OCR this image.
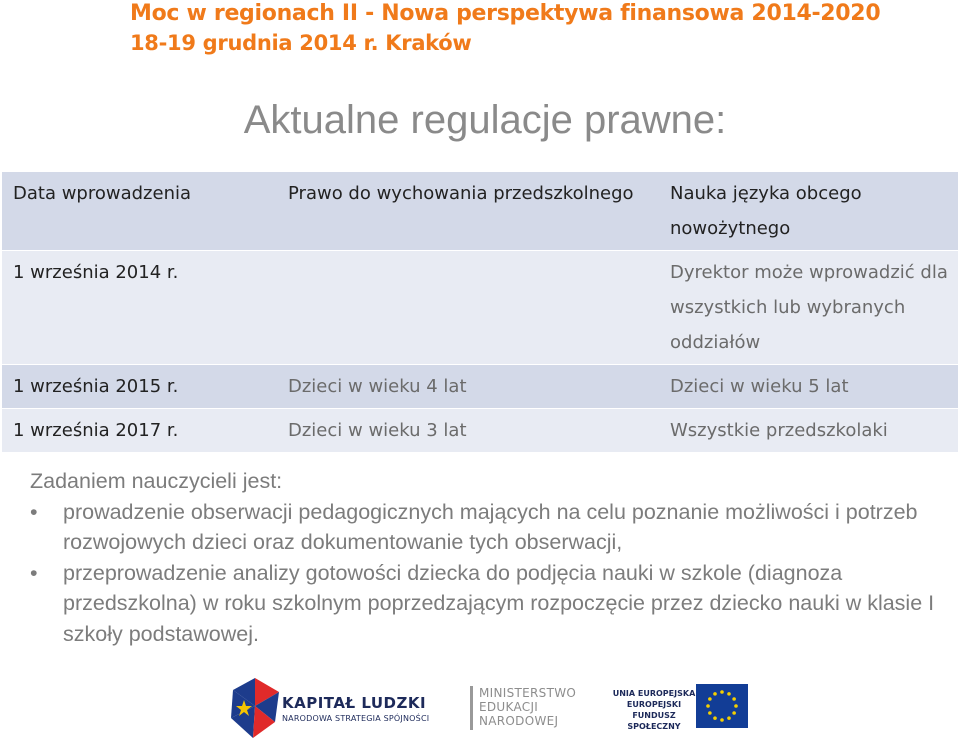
Moc w regionach II - Nowa perspektywa finansowa 2014-2020
18-19 grudnia 2014 r. Kraków
Aktualne regulacje prawne:
Data wprowadzenia	Prawo do wychowania przedszkolnego	Nauka języka obcego nowożytnego
1 września 2014 r.		Dyrektor może wprowadzić dla wszystkich lub wybranych oddziałów
1 września 2015 r.	Dzieci w wieku 4 lat	Dzieci w wieku 5 lat
1 września 2017 r.	Dzieci w wieku 3 lat	Wszystkie przedszkolaki
Zadaniem nauczycieli jest:
• prowadzenie obserwacji pedagogicznych mających na celu poznanie możliwości i potrzeb rozwojowych dzieci oraz dokumentowanie tych obserwacji,
• przeprowadzenie analizy gotowości dziecka do podjęcia nauki w szkole (diagnoza przedszkolna) w roku szkolnym poprzedzającym rozpoczęcie przez dziecko nauki w klasie I szkoły podstawowej.
KAPITAŁ LUDZKI
NARODOWA STRATEGIA SPÓJNOŚCI
MINISTERSTWO
EDUKACJI
NARODOWEJ
UNIA EUROPEJSKA
EUROPEJSKI
FUNDUSZ SPOŁECZNY
